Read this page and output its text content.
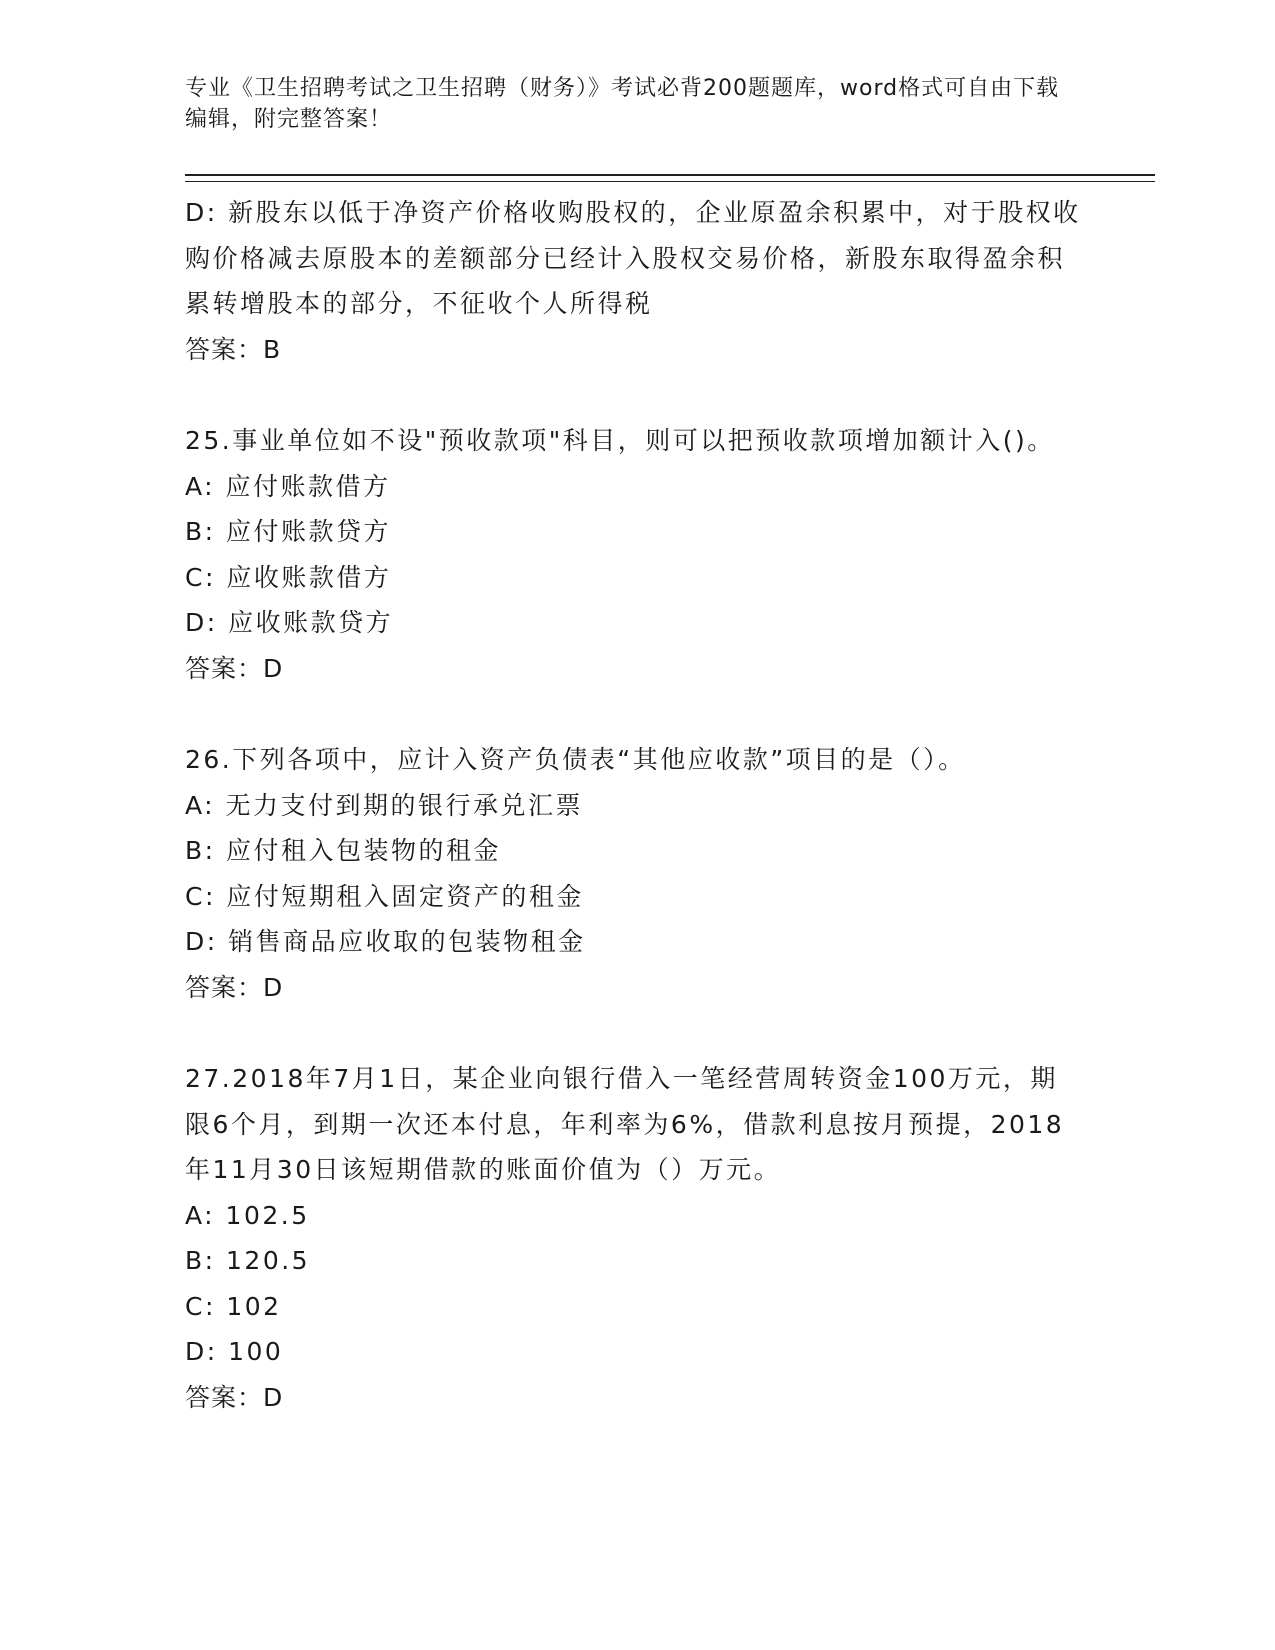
专业《卫生招聘考试之卫生招聘（财务）》考试必背200题题库，word格式可自由下载编辑，附完整答案！
D: 新股东以低于净资产价格收购股权的，企业原盈余积累中，对于股权收购价格减去原股本的差额部分已经计入股权交易价格，新股东取得盈余积累转增股本的部分，不征收个人所得税
答案：B
25.事业单位如不设"预收款项"科目，则可以把预收款项增加额计入()。
A: 应付账款借方
B: 应付账款贷方
C: 应收账款借方
D: 应收账款贷方
答案：D
26.下列各项中，应计入资产负债表“其他应收款”项目的是（）。
A: 无力支付到期的银行承兑汇票
B: 应付租入包装物的租金
C: 应付短期租入固定资产的租金
D: 销售商品应收取的包装物租金
答案：D
27.2018年7月1日，某企业向银行借入一笔经营周转资金100万元，期限6个月，到期一次还本付息，年利率为6%，借款利息按月预提，2018年11月30日该短期借款的账面价值为（）万元。
A: 102.5
B: 120.5
C: 102
D: 100
答案：D
